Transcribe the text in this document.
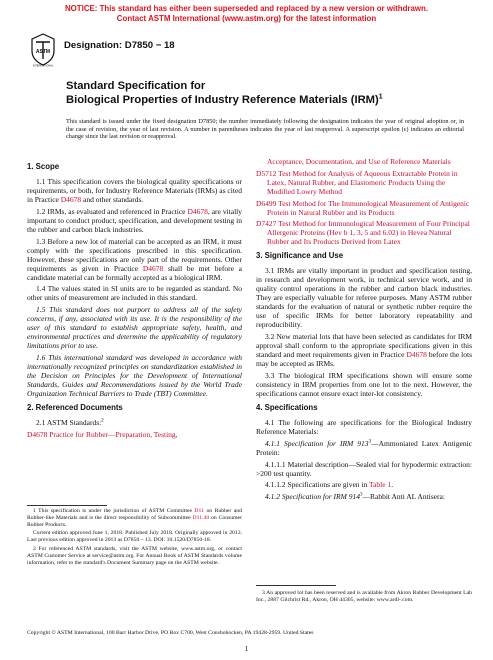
NOTICE: This standard has either been superseded and replaced by a new version or withdrawn.
Contact ASTM International (www.astm.org) for the latest information
ASTM
INTERNATIONAL
Designation: D7850 − 18
Standard Specification for
Biological Properties of Industry Reference Materials (IRM)$^1$
This standard is issued under the fixed designation D7850; the number immediately following the designation indicates the year of original adoption or, in the case of revision, the year of last revision. A number in parentheses indicates the year of last reapproval. A superscript epsilon (ε) indicates an editorial change since the last revision or reapproval.
1. Scope

1.1 This specification covers the biological quality specifications or requirements, or both, for Industry Reference Materials (IRMs) as cited in Practice D4678 and other standards.

1.2 IRMs, as evaluated and referenced in Practice D4678, are vitally important to conduct product, specification, and development testing in the rubber and carbon black industries.

1.3 Before a new lot of material can be accepted as an IRM, it must comply with the specifications prescribed in this specification. However, these specifications are only part of the requirements. Other requirements as given in Practice D4678 shall be met before a candidate material can be formally accepted as a biological IRM.

1.4 The values stated in SI units are to be regarded as standard. No other units of measurement are included in this standard.

1.5 This standard does not purport to address all of the safety concerns, if any, associated with its use. It is the responsibility of the user of this standard to establish appropriate safety, health, and environmental practices and determine the applicability of regulatory limitations prior to use.

1.6 This international standard was developed in accordance with internationally recognized principles on standardization established in the Decision on Principles for the Development of International Standards, Guides and Recommendations issued by the World Trade Organization Technical Barriers to Trade (TBT) Committee.

2. Referenced Documents

2.1 ASTM Standards:$^2$

D4678 Practice for Rubber—Preparation, Testing,

Acceptance, Documentation, and Use of Reference Materials

D5712 Test Method for Analysis of Aqueous Extractable Protein in Latex, Natural Rubber, and Elastomeric Products Using the Modified Lowry Method

D6499 Test Method for The Immunological Measurement of Antigenic Protein in Natural Rubber and its Products

D7427 Test Method for Immunological Measurement of Four Principal Allergenic Proteins (Hev b 1, 3, 5 and 6.02) in Hevea Natural Rubber and Its Products Derived from Latex

3. Significance and Use

3.1 IRMs are vitally important in product and specification testing, in research and development work, in technical service work, and in quality control operations in the rubber and carbon black industries. They are especially valuable for referee purposes. Many ASTM rubber standards for the evaluation of natural or synthetic rubber require the use of specific IRMs for better laboratory repeatability and reproducibility.

3.2 New material lots that have been selected as candidates for IRM approval shall conform to the appropriate specifications given in this standard and meet requirements given in Practice D4678 before the lots may be accepted as IRMs.

3.3 The biological IRM specifications shown will ensure some consistency in IRM properties from one lot to the next. However, the specifications cannot ensure exact inter-lot consistency.

4. Specifications

4.1 The following are specifications for the Biological Industry Reference Materials:

4.1.1 Specification for IRM $913^3—Ammoniated$ Latex Antigenic Protein:

4.1.1.1 Material description—Sealed vial for hypodermic extraction: >200 test quantity.

4.1.1.2 Specifications are given in Table 1.

4.1.2 Specification for IRM $914^3—Rabbit$ Anti AL Antisera:

1 This specification is under the jurisdiction of ASTM Committee D11 on Rubber and Rubber-like Materials and is the direct responsibility of Subcommittee D11.40 on Consumer Rubber Products.

Current edition approved June 1, 2018. Published July 2018. Originally approved in 2013. Last previous edition approved in 2013 as D7850 – 13. DOI: 10.1520/D7850-18.

2 For referenced ASTM standards, visit the ASTM website, www.astm.org, or contact ASTM Customer Service at service@astm.org. For Annual Book of ASTM Standards volume information, refer to the standard's Document Summary page on the ASTM website.

3 An approved lot has been reserved and is available from Akron Rubber Development Lab Inc., 2887 Gilchrist Rd., Akron, OH 44305, website: www.ardl-.com.

Copyright © ASTM International, 100 Barr Harbor Drive, PO Box C700, West Conshohocken, PA 19428-2959. United States
1
